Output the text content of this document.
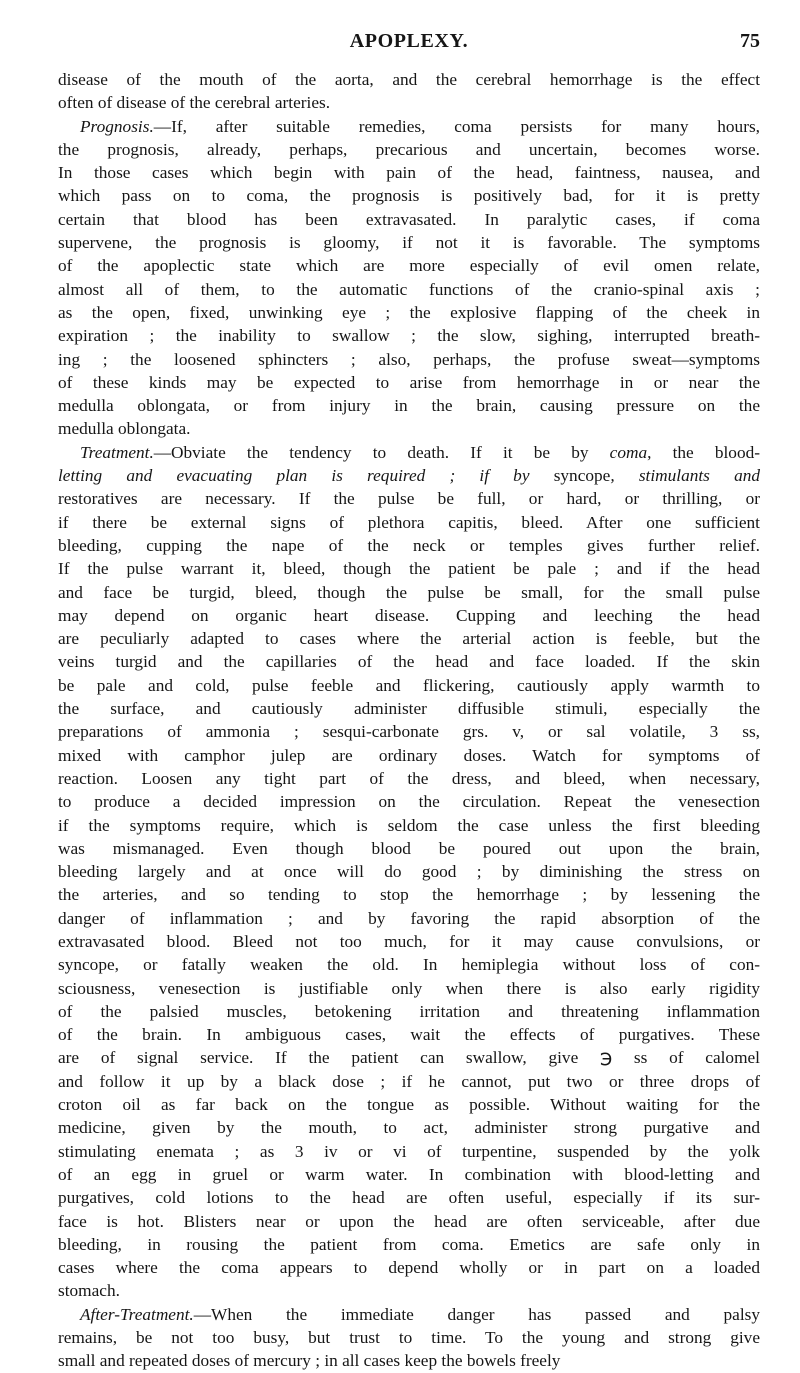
APOPLEXY.	75
disease of the mouth of the aorta, and the cerebral hemorrhage is the effect
often of disease of the cerebral arteries.
Prognosis.—If, after suitable remedies, coma persists for many hours,
the prognosis, already, perhaps, precarious and uncertain, becomes worse.
In those cases which begin with pain of the head, faintness, nausea, and
which pass on to coma, the prognosis is positively bad, for it is pretty
certain that blood has been extravasated. In paralytic cases, if coma
supervene, the prognosis is gloomy, if not it is favorable. The symptoms
of the apoplectic state which are more especially of evil omen relate,
almost all of them, to the automatic functions of the cranio-spinal axis ;
as the open, fixed, unwinking eye ; the explosive flapping of the cheek in
expiration ; the inability to swallow ; the slow, sighing, interrupted breath-
ing ; the loosened sphincters ; also, perhaps, the profuse sweat—symptoms
of these kinds may be expected to arise from hemorrhage in or near the
medulla oblongata, or from injury in the brain, causing pressure on the
medulla oblongata.
Treatment.—Obviate the tendency to death. If it be by coma, the blood-
letting and evacuating plan is required ; if by syncope, stimulants and
restoratives are necessary. If the pulse be full, or hard, or thrilling, or
if there be external signs of plethora capitis, bleed. After one sufficient
bleeding, cupping the nape of the neck or temples gives further relief.
If the pulse warrant it, bleed, though the patient be pale ; and if the head
and face be turgid, bleed, though the pulse be small, for the small pulse
may depend on organic heart disease. Cupping and leeching the head
are peculiarly adapted to cases where the arterial action is feeble, but the
veins turgid and the capillaries of the head and face loaded. If the skin
be pale and cold, pulse feeble and flickering, cautiously apply warmth to
the surface, and cautiously administer diffusible stimuli, especially the
preparations of ammonia ; sesqui-carbonate grs. v, or sal volatile, 3 ss,
mixed with camphor julep are ordinary doses. Watch for symptoms of
reaction. Loosen any tight part of the dress, and bleed, when necessary,
to produce a decided impression on the circulation. Repeat the venesection
if the symptoms require, which is seldom the case unless the first bleeding
was mismanaged. Even though blood be poured out upon the brain,
bleeding largely and at once will do good ; by diminishing the stress on
the arteries, and so tending to stop the hemorrhage ; by lessening the
danger of inflammation ; and by favoring the rapid absorption of the
extravasated blood. Bleed not too much, for it may cause convulsions, or
syncope, or fatally weaken the old. In hemiplegia without loss of con-
sciousness, venesection is justifiable only when there is also early rigidity
of the palsied muscles, betokening irritation and threatening inflammation
of the brain. In ambiguous cases, wait the effects of purgatives. These
are of signal service. If the patient can swallow, give ℈ ss of calomel
and follow it up by a black dose ; if he cannot, put two or three drops of
croton oil as far back on the tongue as possible. Without waiting for the
medicine, given by the mouth, to act, administer strong purgative and
stimulating enemata ; as 3 iv or vi of turpentine, suspended by the yolk
of an egg in gruel or warm water. In combination with blood-letting and
purgatives, cold lotions to the head are often useful, especially if its sur-
face is hot. Blisters near or upon the head are often serviceable, after due
bleeding, in rousing the patient from coma. Emetics are safe only in
cases where the coma appears to depend wholly or in part on a loaded
stomach.
After-Treatment.—When the immediate danger has passed and palsy
remains, be not too busy, but trust to time. To the young and strong give
small and repeated doses of mercury ; in all cases keep the bowels freely
